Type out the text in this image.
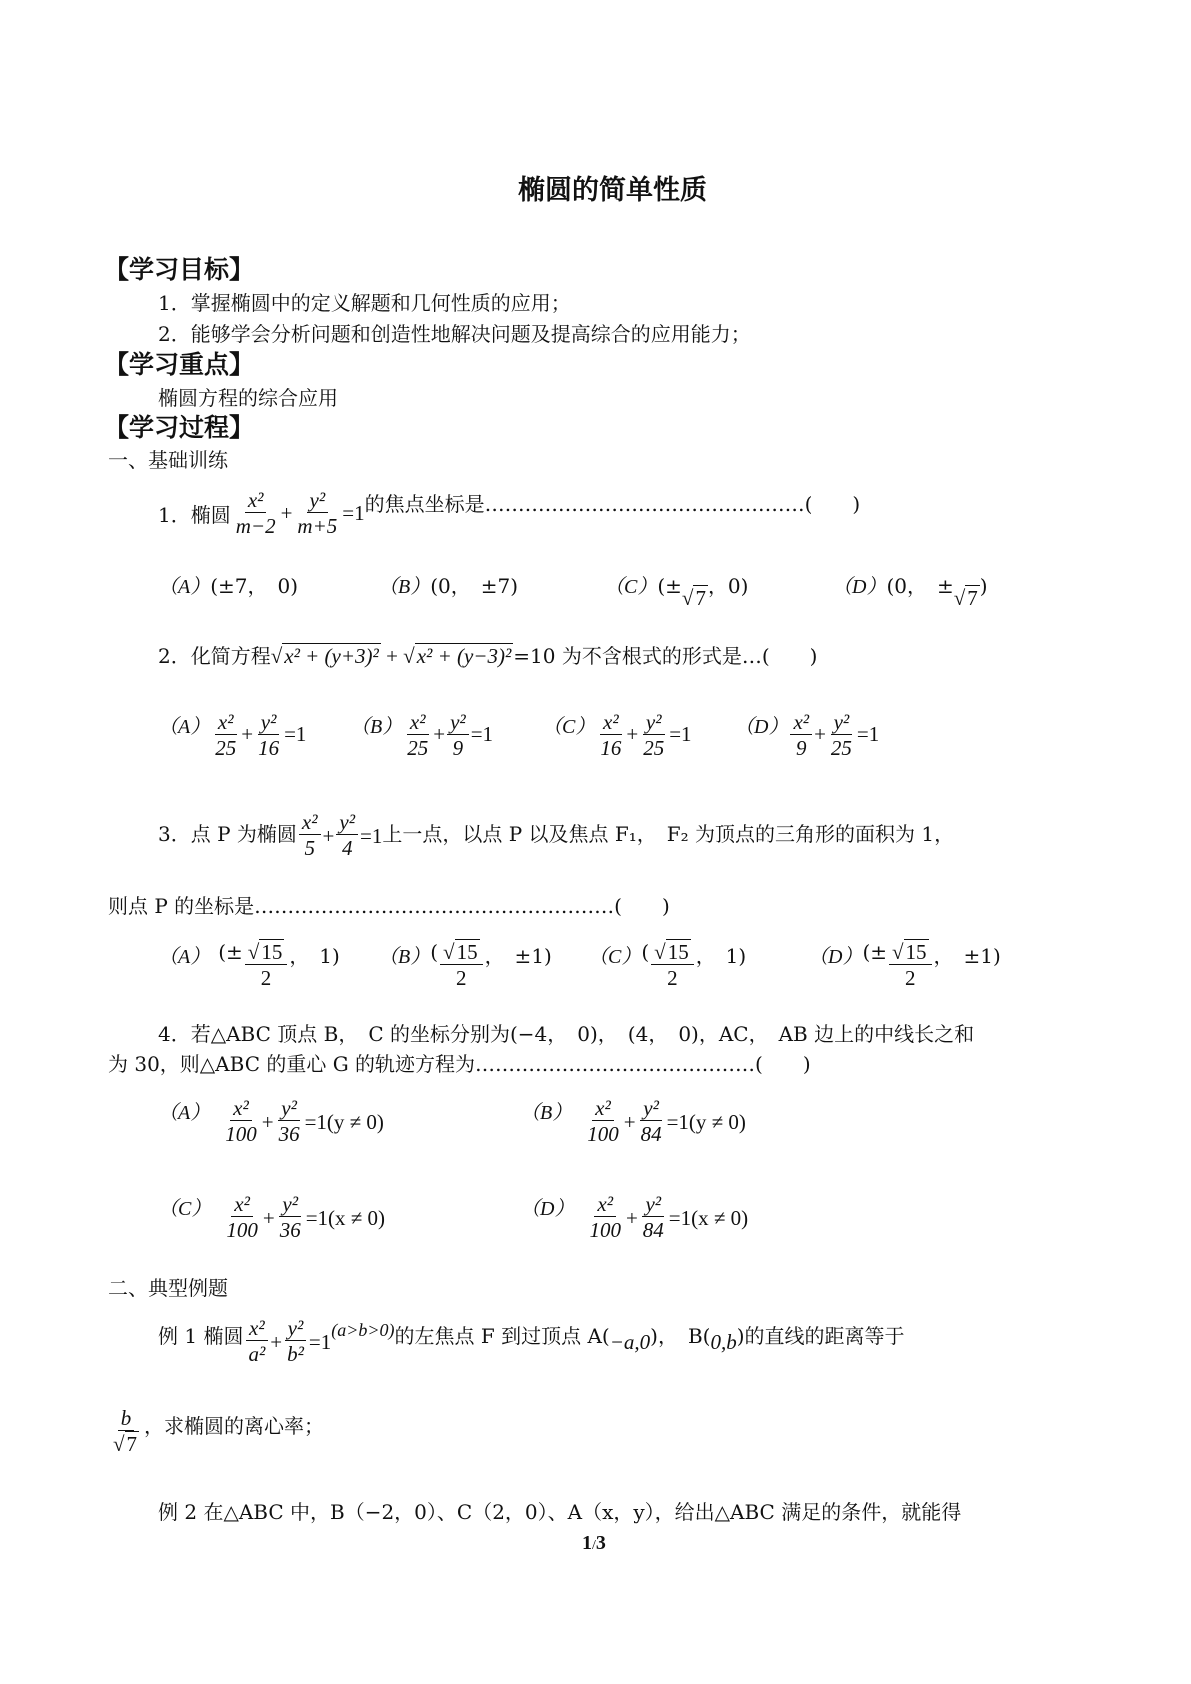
椭圆的简单性质
【学习目标】
1．掌握椭圆中的定义解题和几何性质的应用；
2．能够学会分析问题和创造性地解决问题及提高综合的应用能力；
【学习重点】
椭圆方程的综合应用
【学习过程】
一、基础训练
1．椭圆 $\frac{\text{x²}}{m-2} + \frac{\text{y²}}{m+5} =1$ 的焦点坐标是…………………………………………(　　)
（A）(±7，　0)	（B）(0，　±7)	（C）(±√7 ，0)	（D）(0，　±√7 )
2．化简方程√x² + (y+3)² + √x² + (y−3)² =10 为不含根式的形式是…(　　)
$(A) \frac{\text{x²}}{25} + \frac{\text{y²}}{16} =1$ $(B) \frac{\text{x²}}{25} + \frac{\text{y²}}{9} =1$ $(C) \frac{\text{x²}}{16} + \frac{\text{y²}}{25} =1$ $(D) \frac{\text{x²}}{9} + \frac{\text{y²}}{25} =1$
3．点 P 为椭圆 $\frac{\text{x²}}{5} + \frac{\text{y²}}{4} =1$ 上一点，以点 P 以及焦点 F₁，　F₂ 为顶点的三角形的面积为 1，
则点 P 的坐标是………………………………………………(　　)
（A） (± $\frac{√15}{2}$ ，　1) （B） ( $\frac{√15}{2}$ ，　±1) （C） ( $\frac{√15}{2}$ ，　1)	（D） (± $\frac{√15}{2}$ ，　±1)
4．若△ABC 顶点 B，　C 的坐标分别为(−4，　0)，　(4，　0)，AC，　AB 边上的中线长之和
为 30，则△ABC 的重心 G 的轨迹方程为……………………………………(　　)
$(A) \frac{\text{x²}}{100} + \frac{\text{y²}}{36} =1(y \ne 0)$	$(B) \frac{\text{x²}}{100} + \frac{\text{y²}}{84} =1(y \ne 0)$
$(C) \frac{\text{x²}}{100} + \frac{\text{y²}}{36} =1(x \ne 0)$	$(D) \frac{\text{x²}}{100} + \frac{\text{y²}}{84} =1(x \ne 0)$
二、典型例题
例 1 椭圆 $\frac{\text{x²}}{\text{a²}} + \frac{\text{y²}}{\text{b²}} =1$ (a>b>0) 的左焦点 F 到过顶点 A( −a,0 )，　B( 0,b )的直线的距离等于
$\frac{b}{√7}$ ，求椭圆的离心率；
例 2 在△ABC 中，B（−2，0）、C（2，0）、A（x，y），给出△ABC 满足的条件，就能得
1/3
